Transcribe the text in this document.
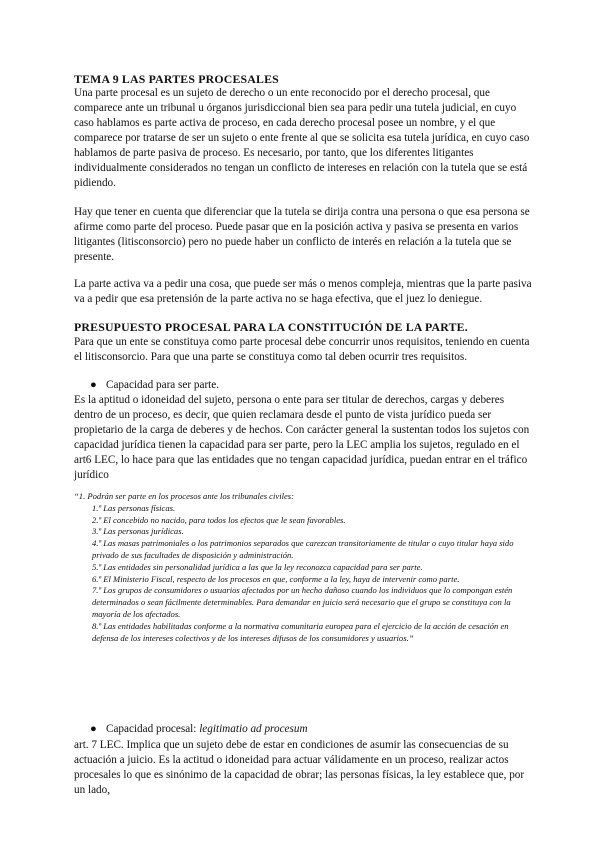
TEMA 9 LAS PARTES PROCESALES

Una parte procesal es un sujeto de derecho o un ente reconocido por el derecho procesal, que comparece ante un tribunal u órganos jurisdiccional bien sea para pedir una tutela judicial, en cuyo caso hablamos es parte activa de proceso, en cada derecho procesal posee un nombre, y el que comparece por tratarse de ser un sujeto o ente frente al que se solicita esa tutela jurídica, en cuyo caso hablamos de parte pasiva de proceso. Es necesario, por tanto, que los diferentes litigantes individualmente considerados no tengan un conflicto de intereses en relación con la tutela que se está pidiendo.

Hay que tener en cuenta que diferenciar que la tutela se dirija contra una persona o que esa persona se afirme como parte del proceso. Puede pasar que en la posición activa y pasiva se presenta en varios litigantes (litisconsorcio) pero no puede haber un conflicto de interés en relación a la tutela que se presente.

La parte activa va a pedir una cosa, que puede ser más o menos compleja, mientras que la parte pasiva va a pedir que esa pretensión de la parte activa no se haga efectiva, que el juez lo deniegue.

PRESUPUESTO PROCESAL PARA LA CONSTITUCIÓN DE LA PARTE.

Para que un ente se constituya como parte procesal debe concurrir unos requisitos, teniendo en cuenta el litisconsorcio. Para que una parte se constituya como tal deben ocurrir tres requisitos.

● Capacidad para ser parte.

Es la aptitud o idoneidad del sujeto, persona o ente para ser titular de derechos, cargas y deberes dentro de un proceso, es decir, que quien reclamara desde el punto de vista jurídico pueda ser propietario de la carga de deberes y de hechos. Con carácter general la sustentan todos los sujetos con capacidad jurídica tienen la capacidad para ser parte, pero la LEC amplia los sujetos, regulado en el art6 LEC, lo hace para que las entidades que no tengan capacidad jurídica, puedan entrar en el tráfico jurídico

“1. Podrán ser parte en los procesos ante los tribunales civiles:
1.º Las personas físicas.
2.º El concebido no nacido, para todos los efectos que le sean favorables.
3.º Las personas jurídicas.
4.º Las masas patrimoniales o los patrimonios separados que carezcan transitoriamente de titular o cuyo titular haya sido privado de sus facultades de disposición y administración.
5.º Las entidades sin personalidad jurídica a las que la ley reconozca capacidad para ser parte.
6.º El Ministerio Fiscal, respecto de los procesos en que, conforme a la ley, haya de intervenir como parte.
7.º Los grupos de consumidores o usuarios afectados por un hecho dañoso cuando los individuos que lo compongan estén determinados o sean fácilmente determinables. Para demandar en juicio será necesario que el grupo se constituya con la mayoría de los afectados.
8.º Las entidades habilitadas conforme a la normativa comunitaria europea para el ejercicio de la acción de cesación en defensa de los intereses colectivos y de los intereses difusos de los consumidores y usuarios.”
● Capacidad procesal: legitimatio ad procesum

art. 7 LEC. Implica que un sujeto debe de estar en condiciones de asumir las consecuencias de su actuación a juicio. Es la actitud o idoneidad para actuar válidamente en un proceso, realizar actos procesales lo que es sinónimo de la capacidad de obrar; las personas físicas, la ley establece que, por un lado,
